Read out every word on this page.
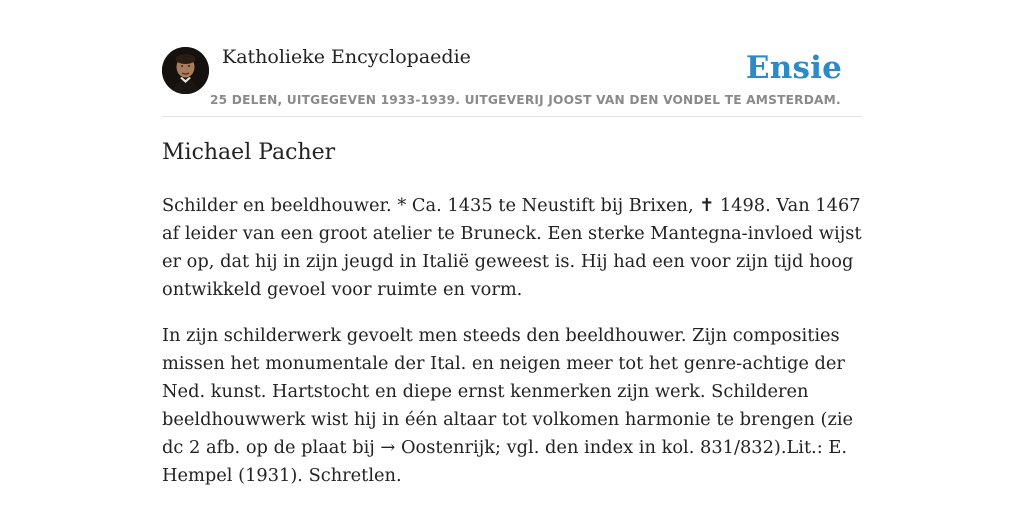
Katholieke Encyclopaedie	Ensie
25 DELEN, UITGEGEVEN 1933-1939. UITGEVERIJ JOOST VAN DEN VONDEL TE AMSTERDAM.
Michael Pacher

Schilder en beeldhouwer. * Ca. 1435 te Neustift bij Brixen, ✝ 1498. Van 1467 af leider van een groot atelier te Bruneck. Een sterke Mantegna-invloed wijst er op, dat hij in zijn jeugd in Italië geweest is. Hij had een voor zijn tijd hoog ontwikkeld gevoel voor ruimte en vorm.

In zijn schilderwerk gevoelt men steeds den beeldhouwer. Zijn composities missen het monumentale der Ital. en neigen meer tot het genre-achtige der Ned. kunst. Hartstocht en diepe ernst kenmerken zijn werk. Schilderen beeldhouwwerk wist hij in één altaar tot volkomen harmonie te brengen (zie dc 2 afb. op de plaat bij → Oostenrijk; vgl. den index in kol. 831/832).Lit.: E. Hempel (1931). Schretlen.
